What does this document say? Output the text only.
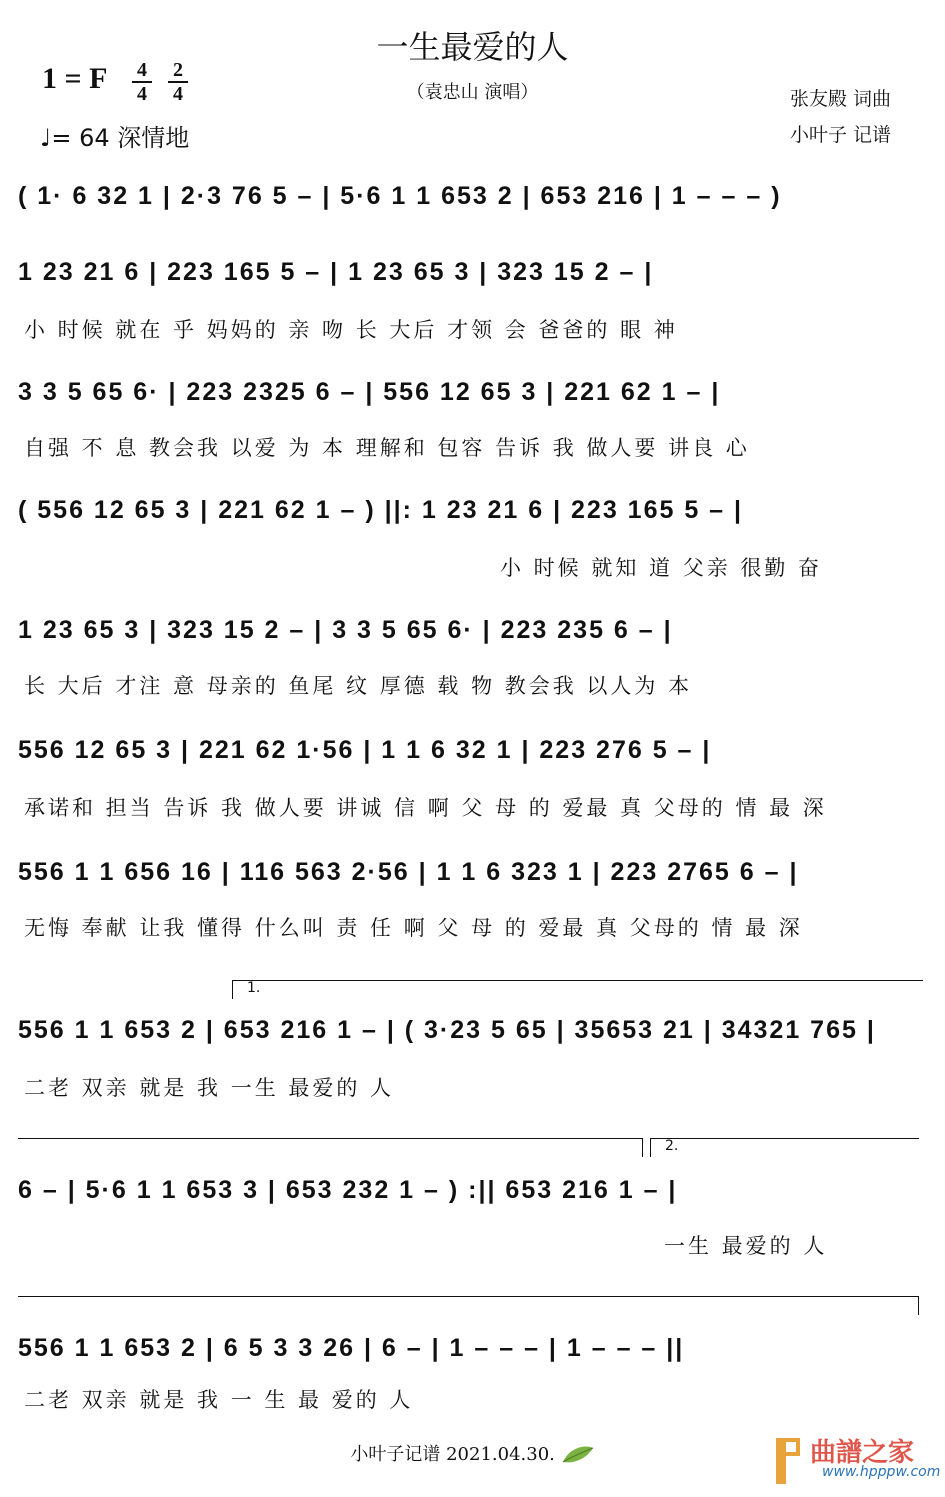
一生最爱的人
（袁忠山 演唱）
1 = F 4
4
2
4
♩= 64 深情地
张友殿 词曲
小叶子 记谱
( 1· 6 32 1 | 2·3 76 5 – | 5·6 1 1 653 2 | 653 216 | 1 – – – )
1 23 21 6 | 223 165 5 – | 1 23 65 3 | 323 15 2 – |
小 时候 就在 乎 妈妈的 亲 吻 长 大后 才领 会 爸爸的 眼 神
3 3 5 65 6· | 223 2325 6 – | 556 12 65 3 | 221 62 1 – |
自强 不 息 教会我 以爱 为 本 理解和 包容 告诉 我 做人要 讲良 心
( 556 12 65 3 | 221 62 1 – ) ||: 1 23 21 6 | 223 165 5 – |
小 时候 就知 道 父亲 很勤 奋
1 23 65 3 | 323 15 2 – | 3 3 5 65 6· | 223 235 6 – |
长 大后 才注 意 母亲的 鱼尾 纹 厚德 载 物 教会我 以人为 本
556 12 65 3 | 221 62 1·56 | 1 1 6 32 1 | 223 276 5 – |
承诺和 担当 告诉 我 做人要 讲诚 信 啊 父 母 的 爱最 真 父母的 情 最 深
556 1 1 656 16 | 116 563 2·56 | 1 1 6 323 1 | 223 2765 6 – |
无悔 奉献 让我 懂得 什么叫 责 任 啊 父 母 的 爱最 真 父母的 情 最 深
1.
556 1 1 653 2 | 653 216 1 – | ( 3·23 5 65 | 35653 21 | 34321 765 |
二老 双亲 就是 我 一生 最爱的 人
2.
6 – | 5·6 1 1 653 3 | 653 232 1 – ) :|| 653 216 1 – |
一生 最爱的 人
556 1 1 653 2 | 6 5 3 3 26 | 6 – | 1 – – – | 1 – – – ||
二老 双亲 就是 我 一 生 最 爱的 人
小叶子记谱 2021.04.30.	曲譜之家
www.hpppw.com
